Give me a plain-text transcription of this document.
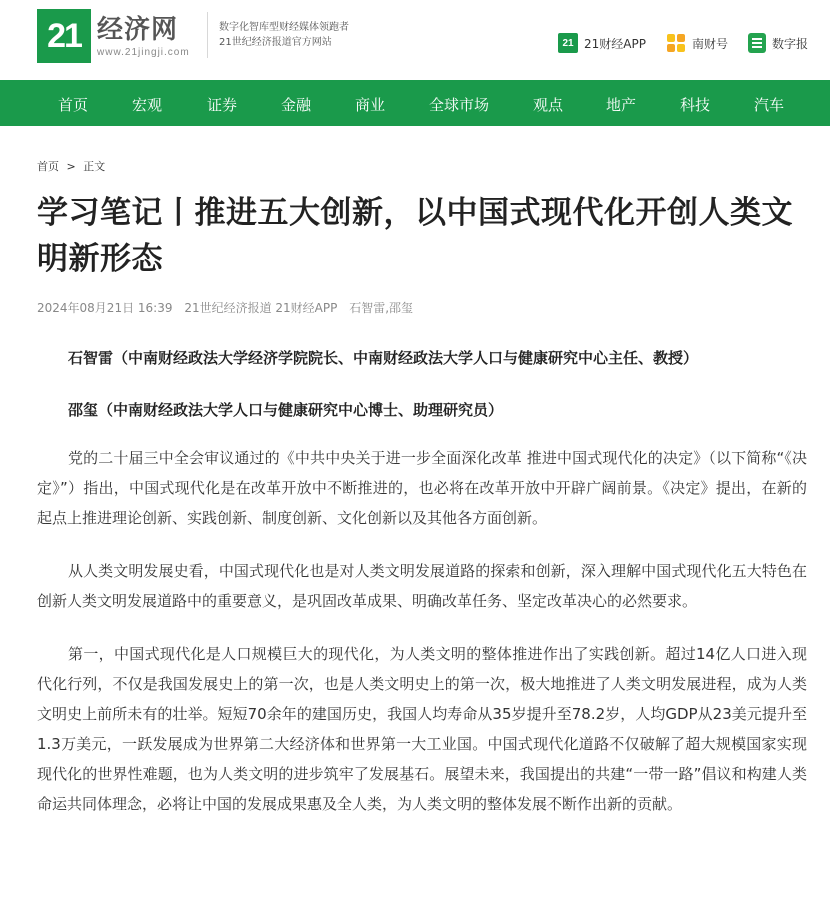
21 经济网
www.21jingji.com
数字化智库型财经媒体领跑者
21世纪经济报道官方网站	21 21财经APP	南财号	数字报
首页	宏观	证券	金融	商业	全球市场	观点	地产	科技	汽车
首页 > 正文
学习笔记丨推进五大创新，以中国式现代化开创人类文明新形态
2024年08月21日 16:39 21世纪经济报道 21财经APP 石智雷,邵玺

石智雷（中南财经政法大学经济学院院长、中南财经政法大学人口与健康研究中心主任、教授）

邵玺（中南财经政法大学人口与健康研究中心博士、助理研究员）

党的二十届三中全会审议通过的《中共中央关于进一步全面深化改革 推进中国式现代化的决定》（以下简称“《决定》”）指出，中国式现代化是在改革开放中不断推进的，也必将在改革开放中开辟广阔前景。《决定》提出，在新的起点上推进理论创新、实践创新、制度创新、文化创新以及其他各方面创新。

从人类文明发展史看，中国式现代化也是对人类文明发展道路的探索和创新，深入理解中国式现代化五大特色在创新人类文明发展道路中的重要意义，是巩固改革成果、明确改革任务、坚定改革决心的必然要求。

第一，中国式现代化是人口规模巨大的现代化，为人类文明的整体推进作出了实践创新。超过14亿人口进入现代化行列，不仅是我国发展史上的第一次，也是人类文明史上的第一次，极大地推进了人类文明发展进程，成为人类文明史上前所未有的壮举。短短70余年的建国历史，我国人均寿命从35岁提升至78.2岁，人均GDP从23美元提升至1.3万美元，一跃发展成为世界第二大经济体和世界第一大工业国。中国式现代化道路不仅破解了超大规模国家实现现代化的世界性难题，也为人类文明的进步筑牢了发展基石。展望未来，我国提出的共建“一带一路”倡议和构建人类命运共同体理念，必将让中国的发展成果惠及全人类，为人类文明的整体发展不断作出新的贡献。
